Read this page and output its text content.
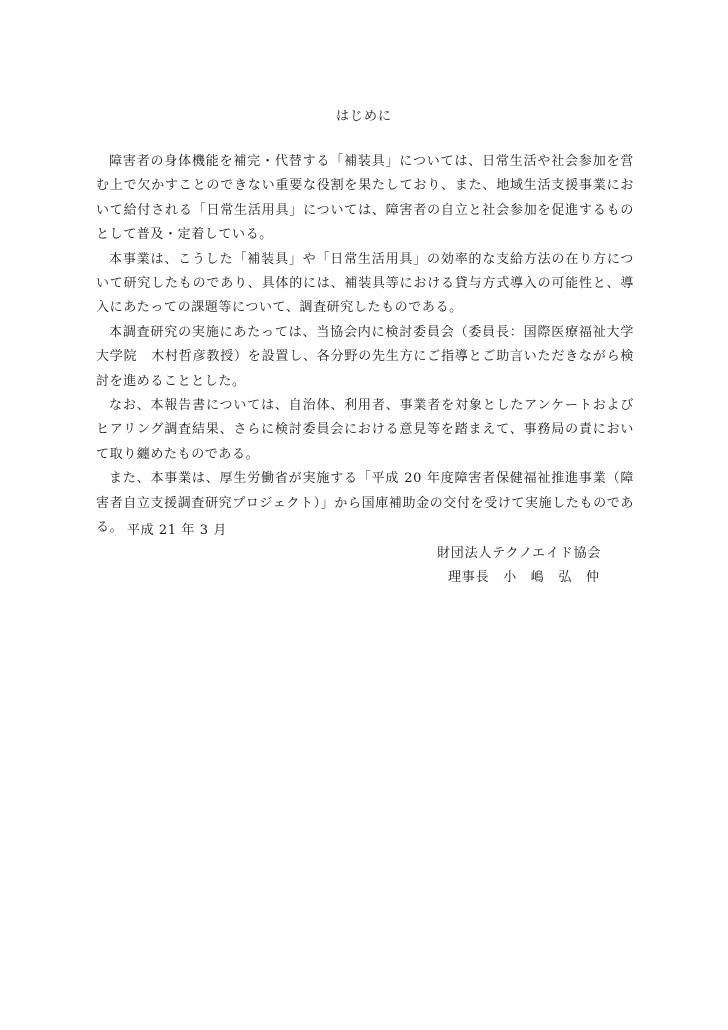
はじめに

障害者の身体機能を補完・代替する「補装具」については、日常生活や社会参加を営む上で欠かすことのできない重要な役割を果たしており、また、地域生活支援事業において給付される「日常生活用具」については、障害者の自立と社会参加を促進するものとして普及・定着している。

本事業は、こうした「補装具」や「日常生活用具」の効率的な支給方法の在り方について研究したものであり、具体的には、補装具等における貸与方式導入の可能性と、導入にあたっての課題等について、調査研究したものである。

本調査研究の実施にあたっては、当協会内に検討委員会（委員長：国際医療福祉大学大学院　木村哲彦教授）を設置し、各分野の先生方にご指導とご助言いただきながら検討を進めることとした。

なお、本報告書については、自治体、利用者、事業者を対象としたアンケートおよびヒアリング調査結果、さらに検討委員会における意見等を踏まえて、事務局の責において取り纏めたものである。

また、本事業は、厚生労働省が実施する「平成 20 年度障害者保健福祉推進事業（障害者自立支援調査研究プロジェクト）」から国庫補助金の交付を受けて実施したものである。 平成 21 年 3 月
財団法人テクノエイド協会
理事長　小　嶋　弘　仲
